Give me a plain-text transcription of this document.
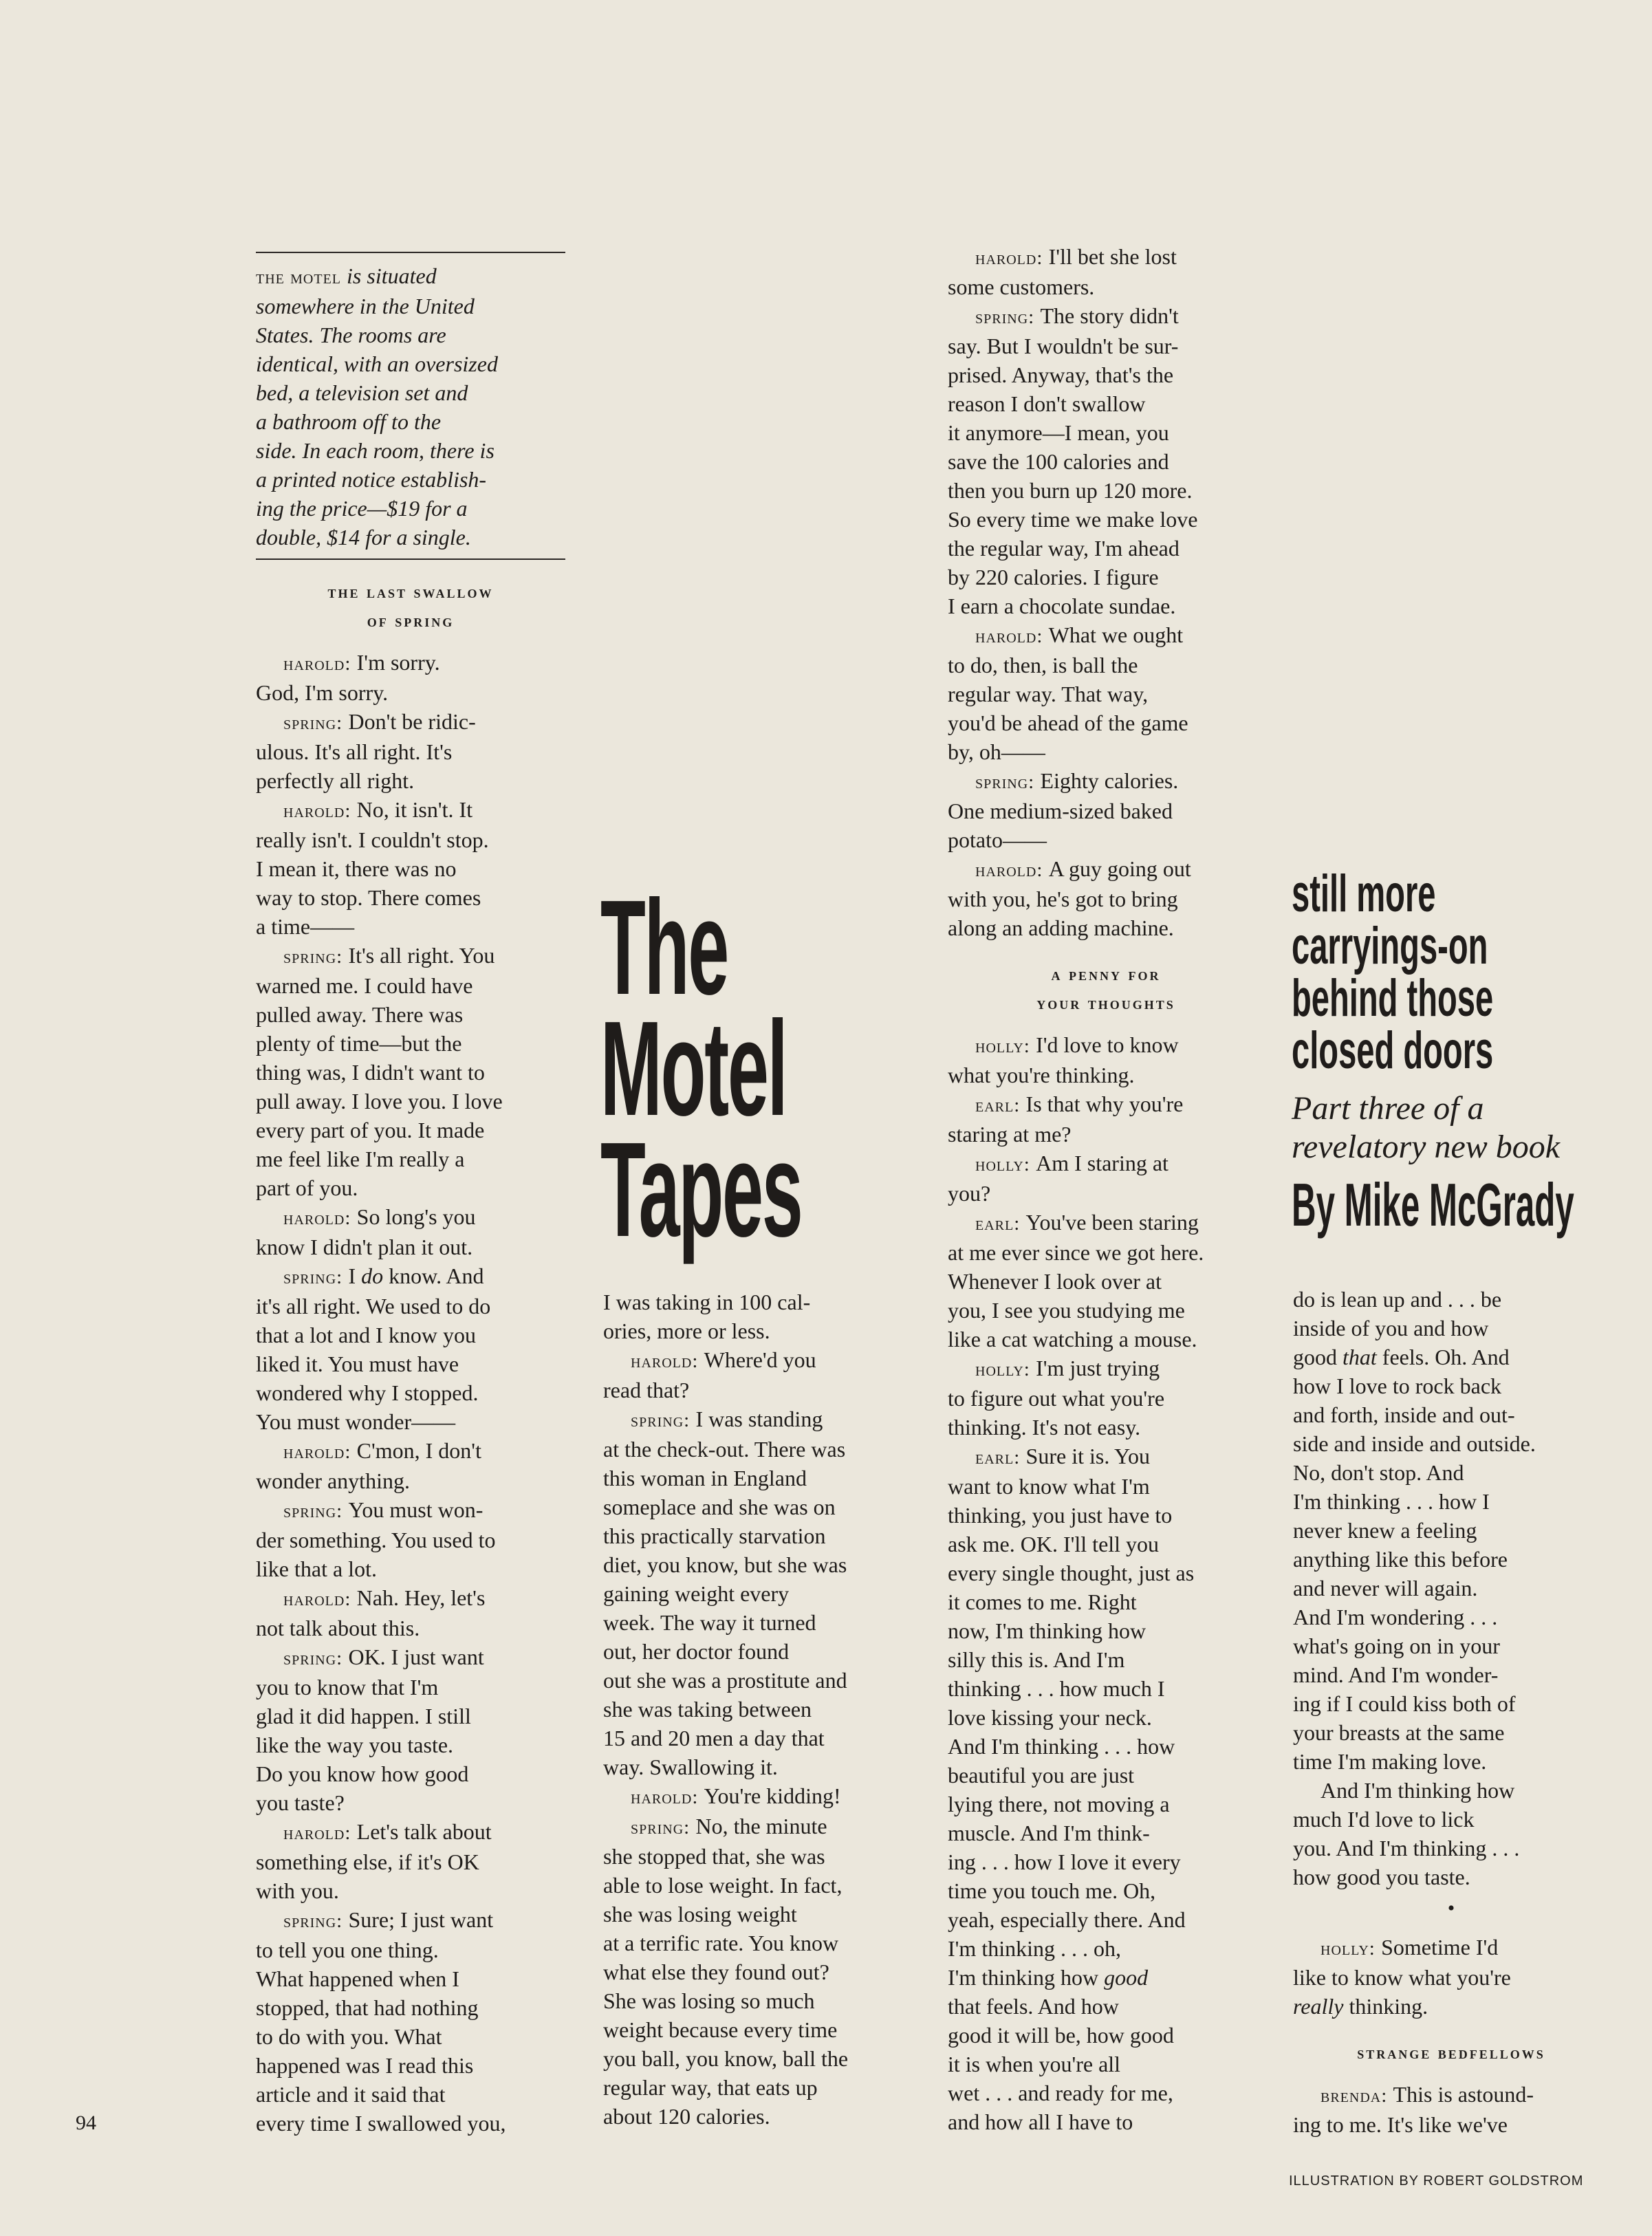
the motel is situated
somewhere in the United
States. The rooms are
identical, with an oversized
bed, a television set and
a bathroom off to the
side. In each room, there is
a printed notice establish-
ing the price—$19 for a
double, $14 for a single.
the last swallow
of spring

harold: I'm sorry.

God, I'm sorry.

spring: Don't be ridic-

ulous. It's all right. It's

perfectly all right.

harold: No, it isn't. It

really isn't. I couldn't stop.

I mean it, there was no

way to stop. There comes

a time——

spring: It's all right. You

warned me. I could have

pulled away. There was

plenty of time—but the

thing was, I didn't want to

pull away. I love you. I love

every part of you. It made

me feel like I'm really a

part of you.

harold: So long's you

know I didn't plan it out.

spring: I do know. And

it's all right. We used to do

that a lot and I know you

liked it. You must have

wondered why I stopped.

You must wonder——

harold: C'mon, I don't

wonder anything.

spring: You must won-

der something. You used to

like that a lot.

harold: Nah. Hey, let's

not talk about this.

spring: OK. I just want

you to know that I'm

glad it did happen. I still

like the way you taste.

Do you know how good

you taste?

harold: Let's talk about

something else, if it's OK

with you.

spring: Sure; I just want

to tell you one thing.

What happened when I

stopped, that had nothing

to do with you. What

happened was I read this

article and it said that

every time I swallowed you,

The
Motel
Tapes

I was taking in 100 cal-

ories, more or less.

harold: Where'd you

read that?

spring: I was standing

at the check-out. There was

this woman in England

someplace and she was on

this practically starvation

diet, you know, but she was

gaining weight every

week. The way it turned

out, her doctor found

out she was a prostitute and

she was taking between

15 and 20 men a day that

way. Swallowing it.

harold: You're kidding!

spring: No, the minute

she stopped that, she was

able to lose weight. In fact,

she was losing weight

at a terrific rate. You know

what else they found out?

She was losing so much

weight because every time

you ball, you know, ball the

regular way, that eats up

about 120 calories.

harold: I'll bet she lost

some customers.

spring: The story didn't

say. But I wouldn't be sur-

prised. Anyway, that's the

reason I don't swallow

it anymore—I mean, you

save the 100 calories and

then you burn up 120 more.

So every time we make love

the regular way, I'm ahead

by 220 calories. I figure

I earn a chocolate sundae.

harold: What we ought

to do, then, is ball the

regular way. That way,

you'd be ahead of the game

by, oh——

spring: Eighty calories.

One medium-sized baked

potato——

harold: A guy going out

with you, he's got to bring

along an adding machine.

a penny for
your thoughts

holly: I'd love to know

what you're thinking.

earl: Is that why you're

staring at me?

holly: Am I staring at

you?

earl: You've been staring

at me ever since we got here.

Whenever I look over at

you, I see you studying me

like a cat watching a mouse.

holly: I'm just trying

to figure out what you're

thinking. It's not easy.

earl: Sure it is. You

want to know what I'm

thinking, you just have to

ask me. OK. I'll tell you

every single thought, just as

it comes to me. Right

now, I'm thinking how

silly this is. And I'm

thinking . . . how much I

love kissing your neck.

And I'm thinking . . . how

beautiful you are just

lying there, not moving a

muscle. And I'm think-

ing . . . how I love it every

time you touch me. Oh,

yeah, especially there. And

I'm thinking . . . oh,

I'm thinking how good

that feels. And how

good it will be, how good

it is when you're all

wet . . . and ready for me,

and how all I have to

still more
carryings-on
behind those
closed doors
Part three of a
revelatory new book
By Mike McGrady

do is lean up and . . . be

inside of you and how

good that feels. Oh. And

how I love to rock back

and forth, inside and out-

side and inside and outside.

No, don't stop. And

I'm thinking . . . how I

never knew a feeling

anything like this before

and never will again.

And I'm wondering . . .

what's going on in your

mind. And I'm wonder-

ing if I could kiss both of

your breasts at the same

time I'm making love.

And I'm thinking how

much I'd love to lick

you. And I'm thinking . . .

how good you taste.

•

holly: Sometime I'd

like to know what you're

really thinking.

strange bedfellows

brenda: This is astound-

ing to me. It's like we've

94
ILLUSTRATION BY ROBERT GOLDSTROM
